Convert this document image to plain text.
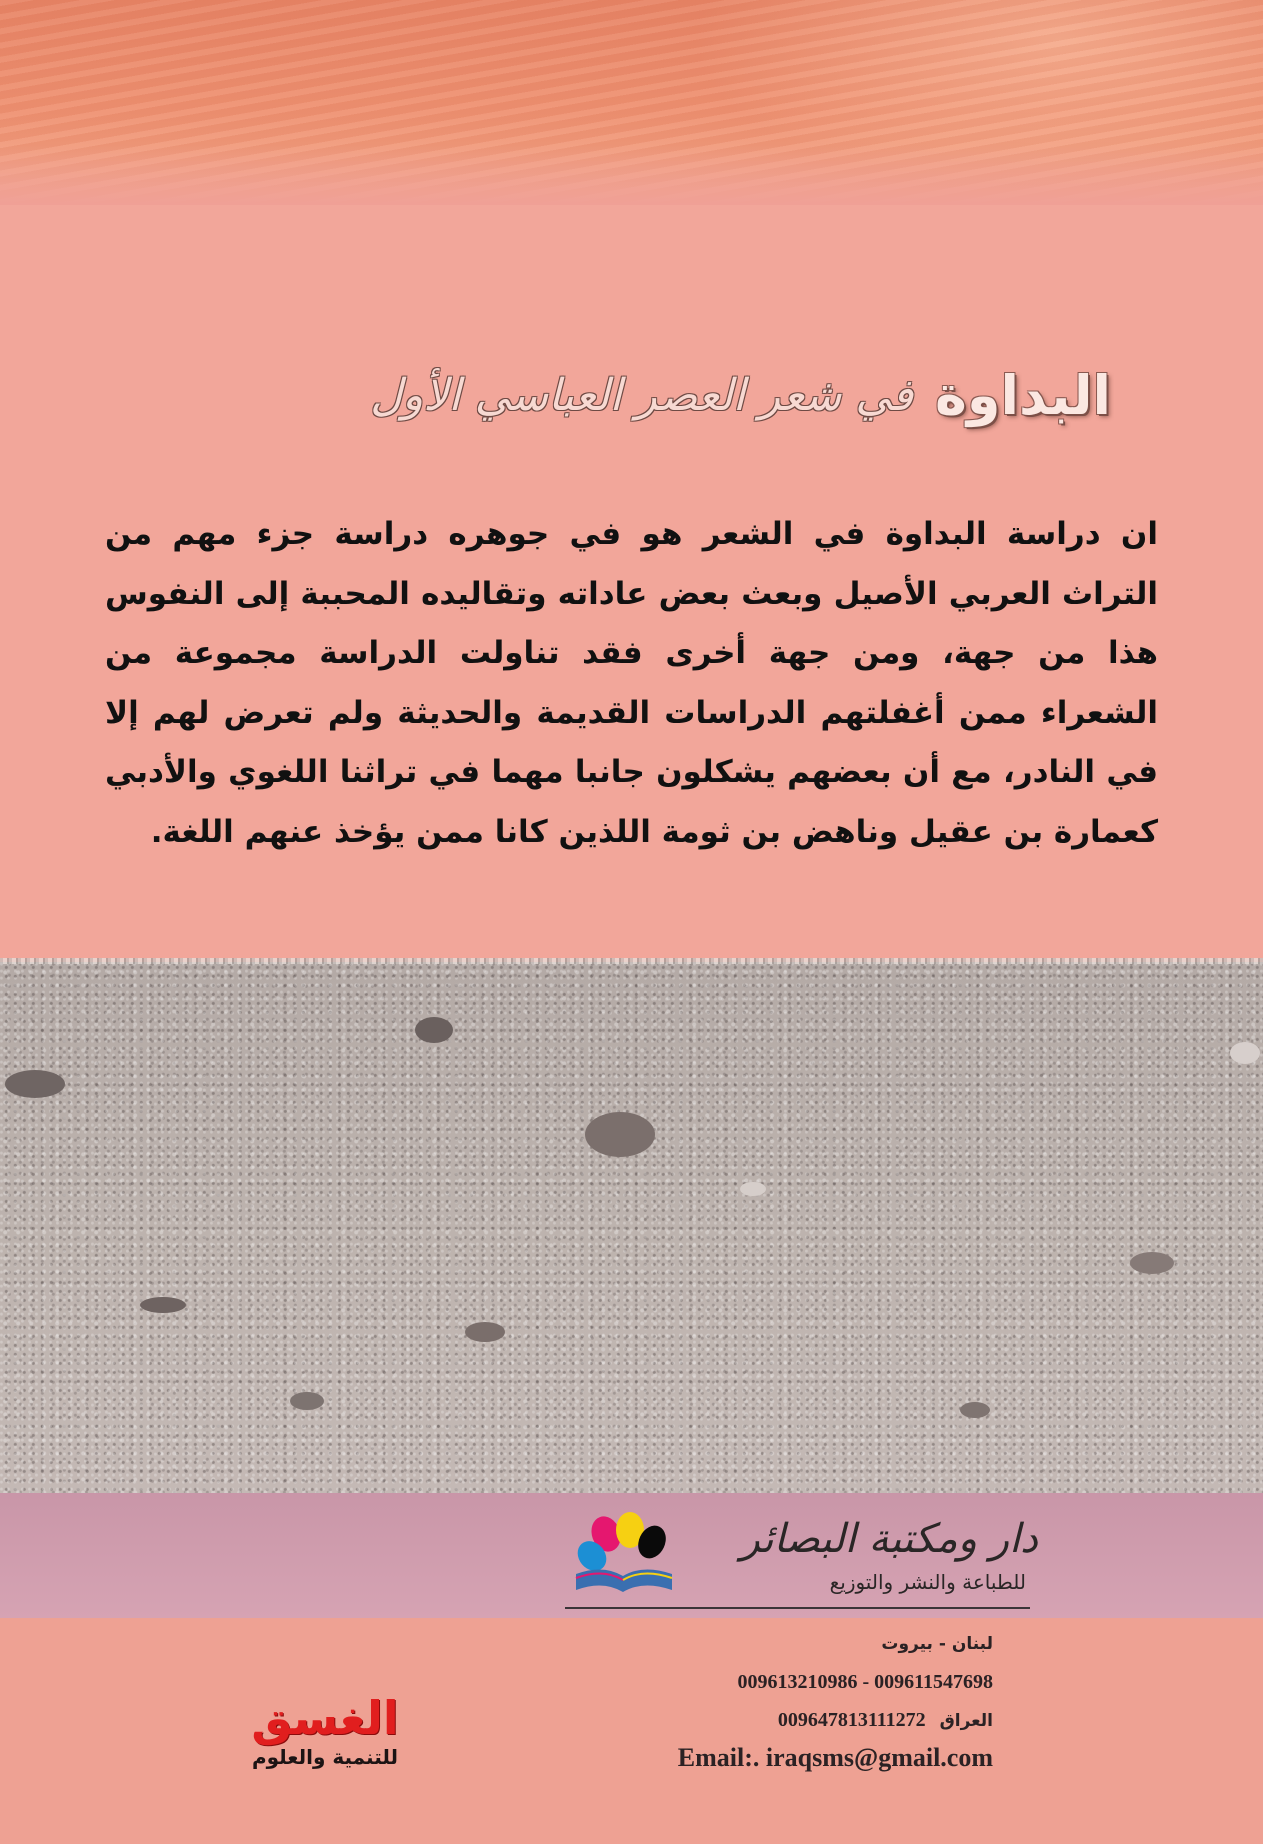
البداوة
في شعر العصر العباسي الأول
ان دراسة البداوة في الشعر هو في جوهره دراسة جزء مهم من التراث العربي الأصيل وبعث بعض عاداته وتقاليده المحببة إلى النفوس هذا من جهة، ومن جهة أخرى فقد تناولت الدراسة مجموعة من الشعراء ممن أغفلتهم الدراسات القديمة والحديثة ولم تعرض لهم إلا في النادر، مع أن بعضهم يشكلون جانبا مهما في تراثنا اللغوي والأدبي كعمارة بن عقيل وناهض بن ثومة اللذين كانا ممن يؤخذ عنهم اللغة.
دار ومكتبة البصائر
للطباعة والنشر والتوزيع
لبنان - بيروت
009613210986 - 009611547698
العراق 009647813111272
Email:. iraqsms@gmail.com
الغسق
للتنمية والعلوم
